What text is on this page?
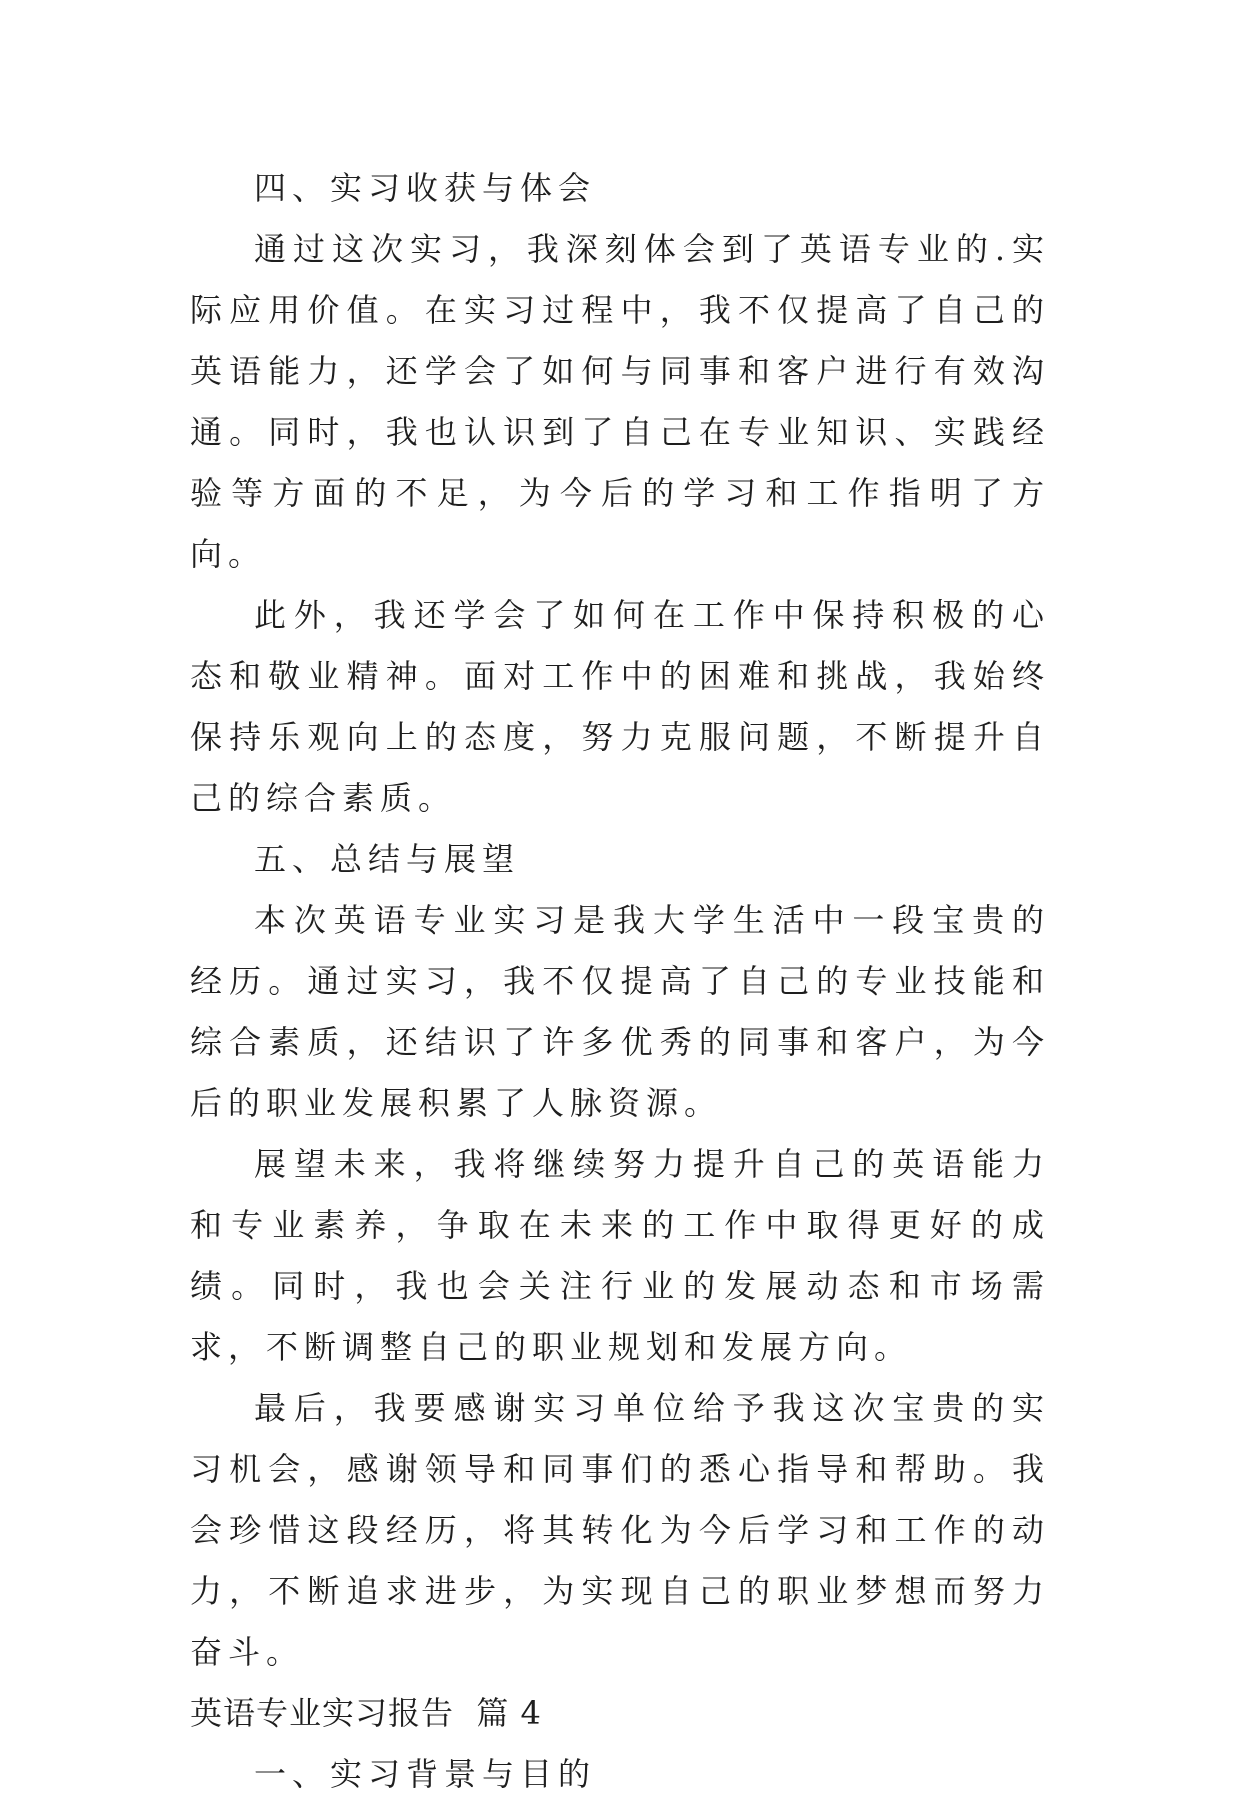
四、实习收获与体会

通过这次实习，我深刻体会到了英语专业的.实际应用价值。在实习过程中，我不仅提高了自己的英语能力，还学会了如何与同事和客户进行有效沟通。同时，我也认识到了自己在专业知识、实践经验等方面的不足，为今后的学习和工作指明了方向。

此外，我还学会了如何在工作中保持积极的心态和敬业精神。面对工作中的困难和挑战，我始终保持乐观向上的态度，努力克服问题，不断提升自己的综合素质。

五、总结与展望

本次英语专业实习是我大学生活中一段宝贵的经历。通过实习，我不仅提高了自己的专业技能和综合素质，还结识了许多优秀的同事和客户，为今后的职业发展积累了人脉资源。

展望未来，我将继续努力提升自己的英语能力和专业素养，争取在未来的工作中取得更好的成绩。同时，我也会关注行业的发展动态和市场需求，不断调整自己的职业规划和发展方向。

最后，我要感谢实习单位给予我这次宝贵的实习机会，感谢领导和同事们的悉心指导和帮助。我会珍惜这段经历，将其转化为今后学习和工作的动力，不断追求进步，为实现自己的职业梦想而努力奋斗。

英语专业实习报告  篇 4

一、实习背景与目的
